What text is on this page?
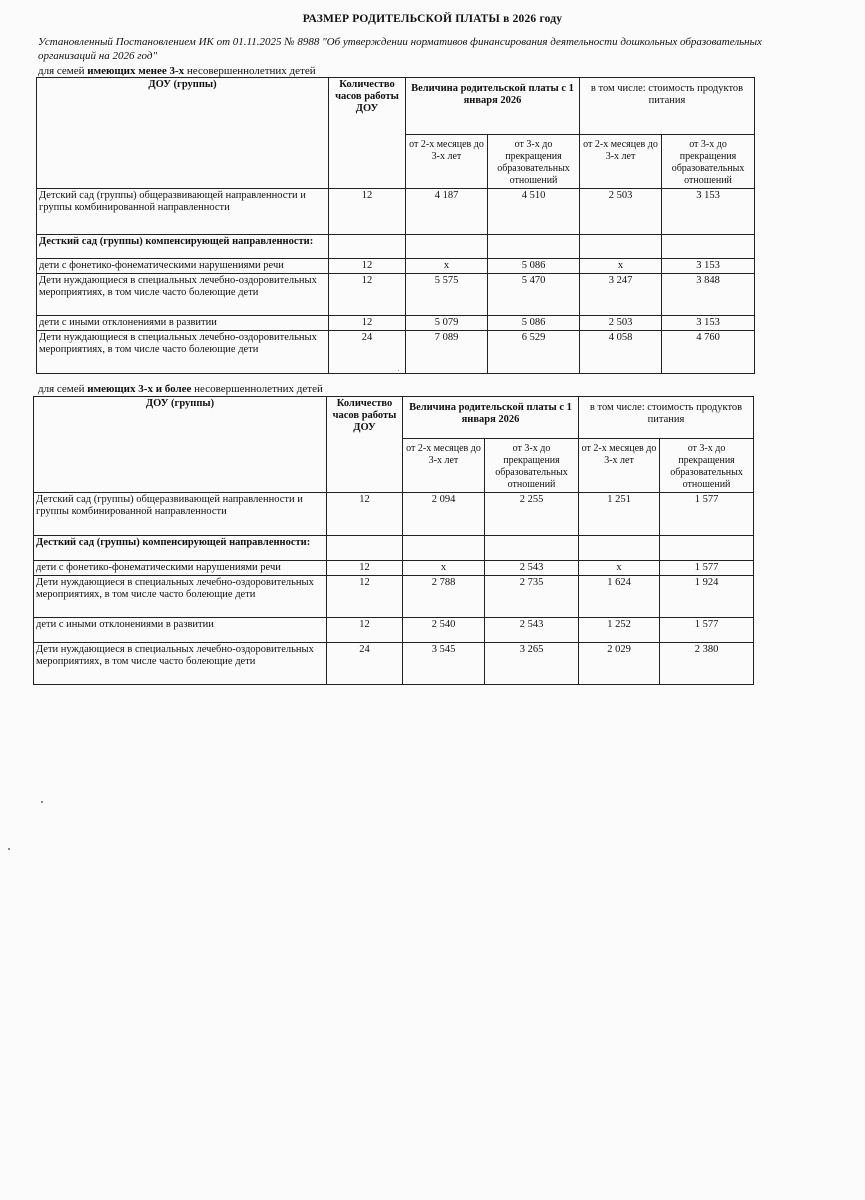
РАЗМЕР РОДИТЕЛЬСКОЙ ПЛАТЫ в 2026 году
Установленный Постановлением ИК от 01.11.2025 № 8988 "Об утверждении нормативов финансирования деятельности дошкольных образовательных организаций на 2026 год"
для семей имеющих менее 3-х несовершеннолетних детей
ДОУ (группы)	Количество часов работы ДОУ	Величина родительской платы с 1 января 2026		в том числе: стоимость продуктов питания	
		от 2-х месяцев до 3-х лет	от 3-х до прекращения образовательных отношений	от 2-х месяцев до 3-х лет	от 3-х до прекращения образовательных отношений
Детский сад (группы) общеразвивающей направленности и группы комбинированной направленности	12	4 187	4 510	2 503	3 153
Десткий сад (группы) компенсирующей направленности:					
дети с фонетико-фонематическими нарушениями речи	12	х	5 086	х	3 153
Дети нуждающиеся в специальных лечебно-оздоровительных мероприятиях, в том числе часто болеющие дети	12	5 575	5 470	3 247	3 848
дети с иными отклонениями в развитии	12	5 079	5 086	2 503	3 153
Дети нуждающиеся в специальных лечебно-оздоровительных мероприятиях, в том числе часто болеющие дети	24	7 089	6 529	4 058	4 760
для семей имеющих 3-х и более несовершеннолетних детей
ДОУ (группы)	Количество часов работы ДОУ	Величина родительской платы с 1 января 2026		в том числе: стоимость продуктов питания	
		от 2-х месяцев до 3-х лет	от 3-х до прекращения образовательных отношений	от 2-х месяцев до 3-х лет	от 3-х до прекращения образовательных отношений
Детский сад (группы) общеразвивающей направленности и группы комбинированной направленности	12	2 094	2 255	1 251	1 577
Десткий сад (группы) компенсирующей направленности:					
дети с фонетико-фонематическими нарушениями речи	12	х	2 543	х	1 577
Дети нуждающиеся в специальных лечебно-оздоровительных мероприятиях, в том числе часто болеющие дети	12	2 788	2 735	1 624	1 924
дети с иными отклонениями в развитии	12	2 540	2 543	1 252	1 577
Дети нуждающиеся в специальных лечебно-оздоровительных мероприятиях, в том числе часто болеющие дети	24	3 545	3 265	2 029	2 380
